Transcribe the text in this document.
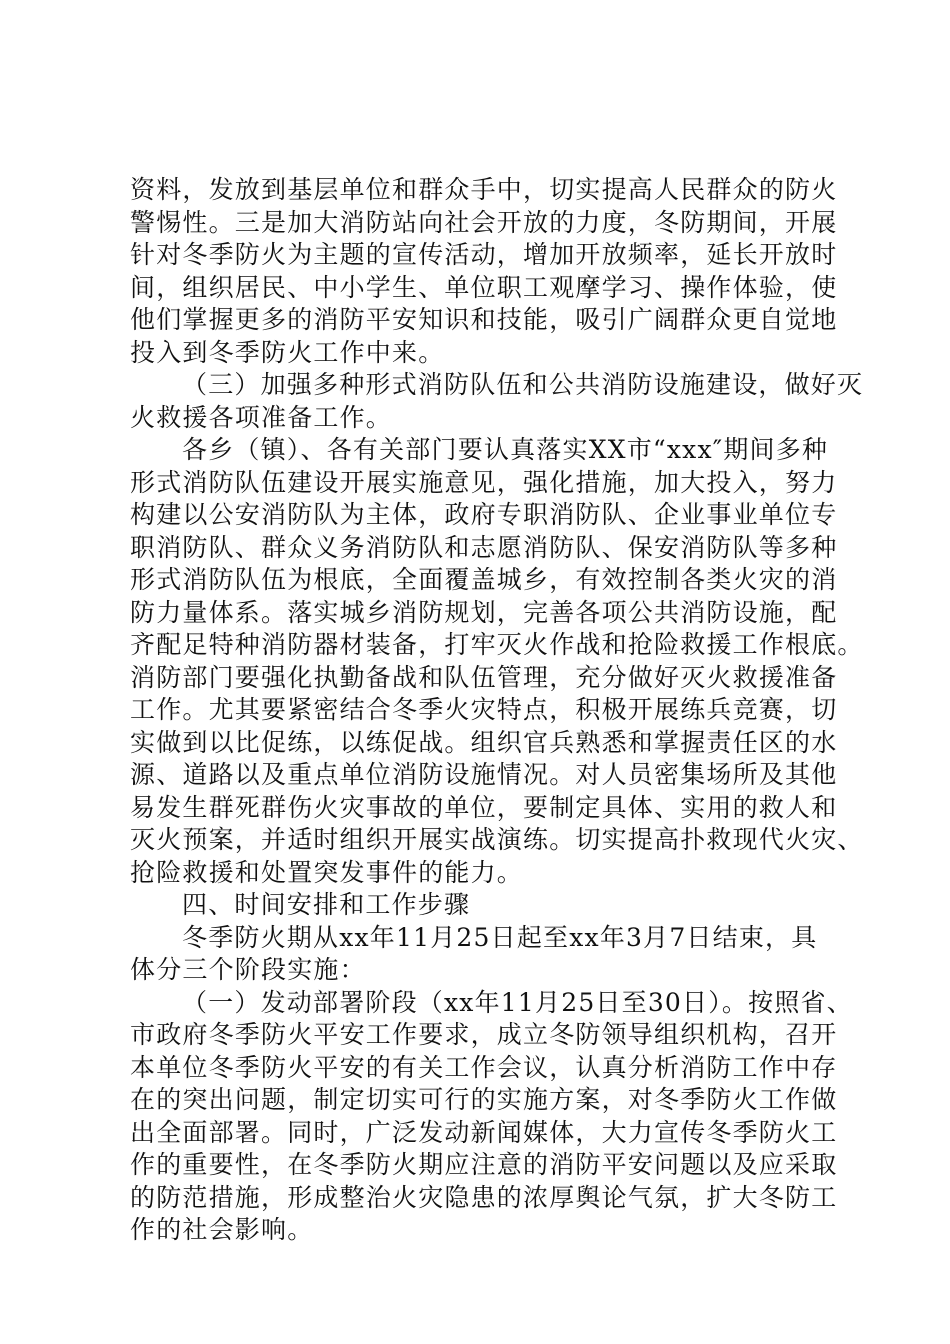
资料，发放到基层单位和群众手中，切实提高人民群众的防火
警惕性。三是加大消防站向社会开放的力度，冬防期间，开展
针对冬季防火为主题的宣传活动，增加开放频率，延长开放时
间，组织居民、中小学生、单位职工观摩学习、操作体验，使
他们掌握更多的消防平安知识和技能，吸引广阔群众更自觉地
投入到冬季防火工作中来。
（三）加强多种形式消防队伍和公共消防设施建设，做好灭
火救援各项准备工作。
各乡（镇）、各有关部门要认真落实XX市“xxx″期间多种
形式消防队伍建设开展实施意见，强化措施，加大投入，努力
构建以公安消防队为主体，政府专职消防队、企业事业单位专
职消防队、群众义务消防队和志愿消防队、保安消防队等多种
形式消防队伍为根底，全面覆盖城乡，有效控制各类火灾的消
防力量体系。落实城乡消防规划，完善各项公共消防设施，配
齐配足特种消防器材装备，打牢灭火作战和抢险救援工作根底。
消防部门要强化执勤备战和队伍管理，充分做好灭火救援准备
工作。尤其要紧密结合冬季火灾特点，积极开展练兵竞赛，切
实做到以比促练，以练促战。组织官兵熟悉和掌握责任区的水
源、道路以及重点单位消防设施情况。对人员密集场所及其他
易发生群死群伤火灾事故的单位，要制定具体、实用的救人和
灭火预案，并适时组织开展实战演练。切实提高扑救现代火灾、
抢险救援和处置突发事件的能力。
四、时间安排和工作步骤
冬季防火期从xx年11月25日起至xx年3月7日结束，具
体分三个阶段实施：
（一）发动部署阶段（xx年11月25日至30日）。按照省、
市政府冬季防火平安工作要求，成立冬防领导组织机构，召开
本单位冬季防火平安的有关工作会议，认真分析消防工作中存
在的突出问题，制定切实可行的实施方案，对冬季防火工作做
出全面部署。同时，广泛发动新闻媒体，大力宣传冬季防火工
作的重要性，在冬季防火期应注意的消防平安问题以及应采取
的防范措施，形成整治火灾隐患的浓厚舆论气氛，扩大冬防工
作的社会影响。
